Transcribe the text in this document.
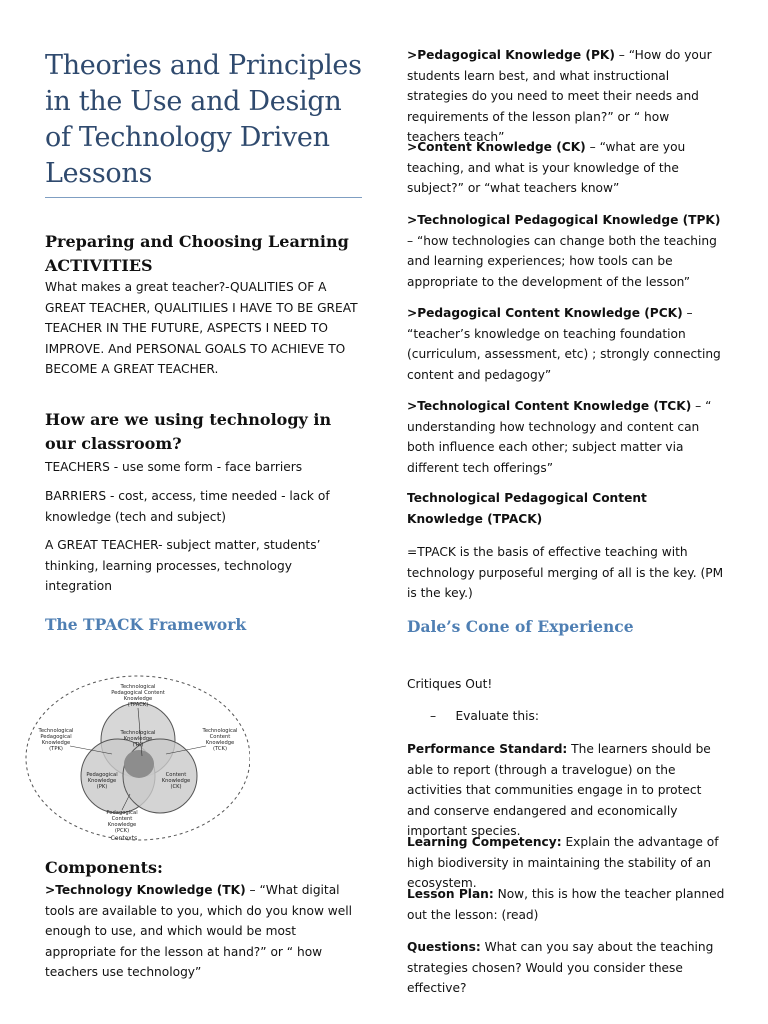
Theories and Principles in the Use and Design of Technology Driven Lessons
Preparing and Choosing Learning
ACTIVITIES

What makes a great teacher?-QUALITIES OF A GREAT TEACHER, QUALITILIES I HAVE TO BE GREAT TEACHER IN THE FUTURE, ASPECTS I NEED TO IMPROVE. And PERSONAL GOALS TO ACHIEVE TO BECOME A GREAT TEACHER.

How are we using technology in our classroom?

TEACHERS - use some form - face barriers

BARRIERS - cost, access, time needed - lack of knowledge (tech and subject)

A GREAT TEACHER- subject matter, students’ thinking, learning processes, technology integration

The TPACK Framework
Technological
Pedagogical Content
Knowledge
(TPACK)
Technological
Pedagogical
Knowledge
(TPK)
Technological
Content
Knowledge
(TCK)
Technological
Knowledge
(TK)
Pedagogical
Knowledge
(PK)
Content
Knowledge
(CK)
Pedagogical
Content
Knowledge
(PCK)
Contexts
Components:

>Technology Knowledge (TK) – “What digital tools are available to you, which do you know well enough to use, and which would be most appropriate for the lesson at hand?” or “ how teachers use technology”

>Pedagogical Knowledge (PK) – “How do your students learn best, and what instructional strategies do you need to meet their needs and requirements of the lesson plan?” or “ how teachers teach”

>Content Knowledge (CK) – “what are you teaching, and what is your knowledge of the subject?” or “what teachers know”

>Technological Pedagogical Knowledge (TPK) – “how technologies can change both the teaching and learning experiences; how tools can be appropriate to the development of the lesson”

>Pedagogical Content Knowledge (PCK) – “teacher’s knowledge on teaching foundation (curriculum, assessment, etc) ; strongly connecting content and pedagogy”

>Technological Content Knowledge (TCK) – “ understanding how technology and content can both influence each other; subject matter via different tech offerings”

Technological Pedagogical Content Knowledge (TPACK)

=TPACK is the basis of effective teaching with technology purposeful merging of all is the key. (PM is the key.)

Dale’s Cone of Experience

Critiques Out!

–     Evaluate this:

Performance Standard: The learners should be able to report (through a travelogue) on the activities that communities engage in to protect and conserve endangered and economically important species.

Learning Competency: Explain the advantage of high biodiversity in maintaining the stability of an ecosystem.

Lesson Plan: Now, this is how the teacher planned out the lesson: (read)

Questions: What can you say about the teaching strategies chosen? Would you consider these effective?
